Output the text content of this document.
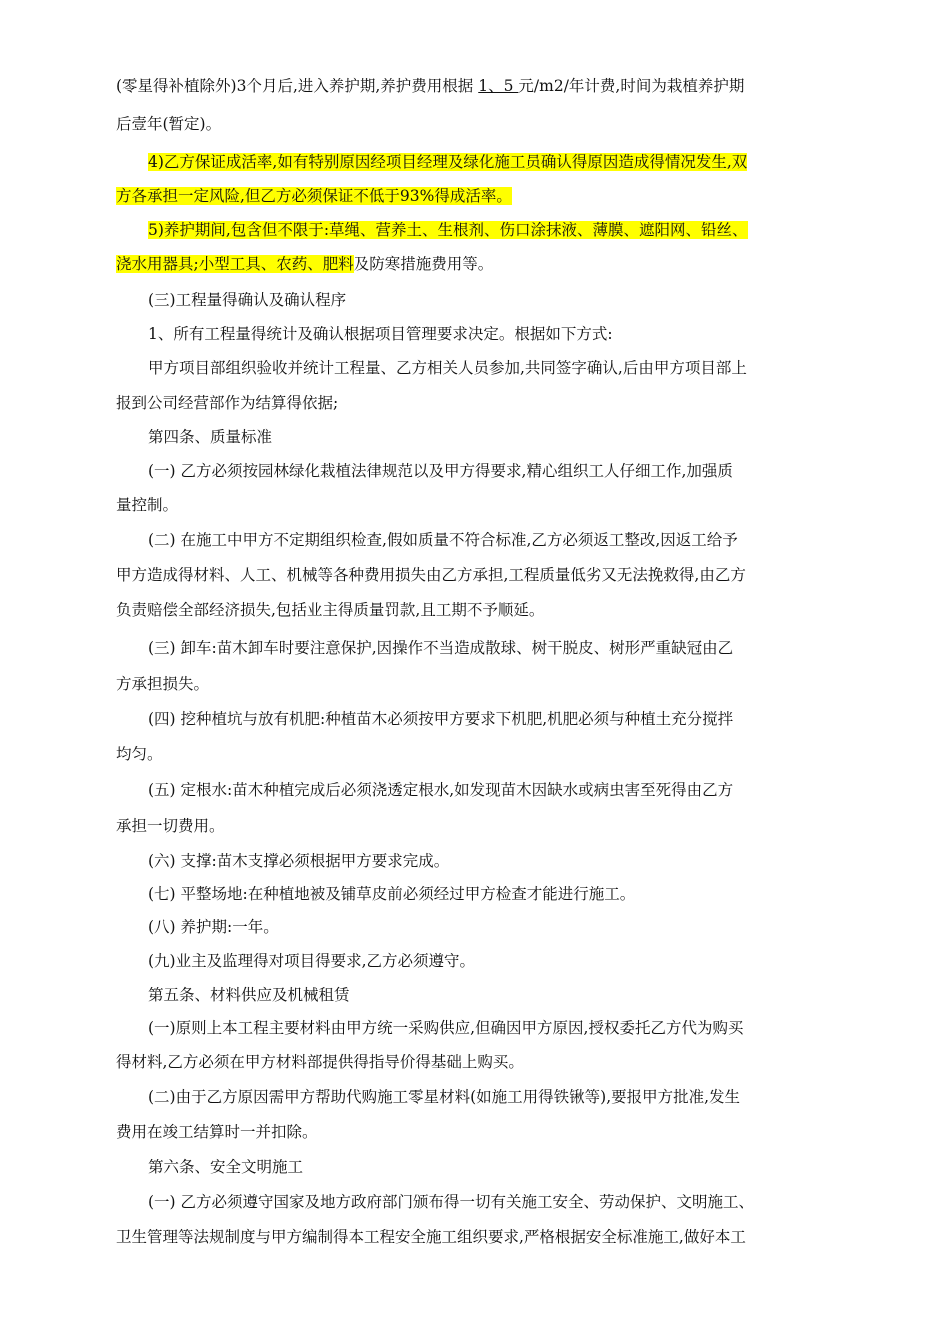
(零星得补植除外)3个月后,进入养护期,养护费用根据 1、5 元/m2/年计费,时间为栽植养护期
后壹年(暂定)。
4)乙方保证成活率,如有特别原因经项目经理及绿化施工员确认得原因造成得情况发生,双
方各承担一定风险,但乙方必须保证不低于93%得成活率。
5)养护期间,包含但不限于:草绳、营养土、生根剂、伤口涂抹液、薄膜、遮阳网、铅丝、
浇水用器具;小型工具、农药、肥料及防寒措施费用等。
(三)工程量得确认及确认程序
1、所有工程量得统计及确认根据项目管理要求决定。根据如下方式:
甲方项目部组织验收并统计工程量、乙方相关人员参加,共同签字确认,后由甲方项目部上
报到公司经营部作为结算得依据;
第四条、质量标准
(一) 乙方必须按园林绿化栽植法律规范以及甲方得要求,精心组织工人仔细工作,加强质
量控制。
(二) 在施工中甲方不定期组织检查,假如质量不符合标准,乙方必须返工整改,因返工给予
甲方造成得材料、人工、机械等各种费用损失由乙方承担,工程质量低劣又无法挽救得,由乙方
负责赔偿全部经济损失,包括业主得质量罚款,且工期不予顺延。
(三) 卸车:苗木卸车时要注意保护,因操作不当造成散球、树干脱皮、树形严重缺冠由乙
方承担损失。
(四) 挖种植坑与放有机肥:种植苗木必须按甲方要求下机肥,机肥必须与种植土充分搅拌
均匀。
(五) 定根水:苗木种植完成后必须浇透定根水,如发现苗木因缺水或病虫害至死得由乙方
承担一切费用。
(六) 支撑:苗木支撑必须根据甲方要求完成。
(七) 平整场地:在种植地被及铺草皮前必须经过甲方检查才能进行施工。
(八) 养护期:一年。
(九)业主及监理得对项目得要求,乙方必须遵守。
第五条、材料供应及机械租赁
(一)原则上本工程主要材料由甲方统一采购供应,但确因甲方原因,授权委托乙方代为购买
得材料,乙方必须在甲方材料部提供得指导价得基础上购买。
(二)由于乙方原因需甲方帮助代购施工零星材料(如施工用得铁锹等),要报甲方批准,发生
费用在竣工结算时一并扣除。
第六条、安全文明施工
(一) 乙方必须遵守国家及地方政府部门颁布得一切有关施工安全、劳动保护、文明施工、
卫生管理等法规制度与甲方编制得本工程安全施工组织要求,严格根据安全标准施工,做好本工
